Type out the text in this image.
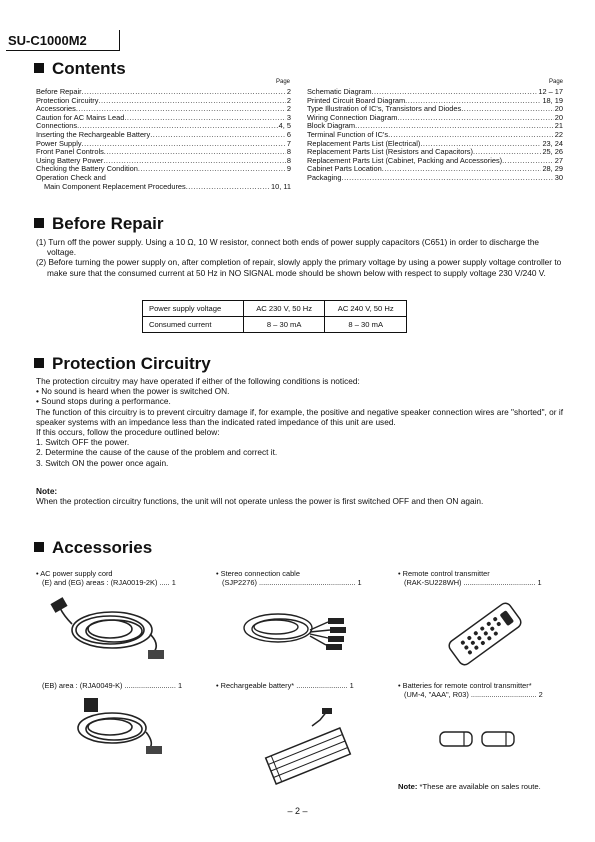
SU-C1000M2
Contents
Page	Page
Before Repair .....	2
Protection Circuitry .....	2
Accessories .....	2
Caution for AC Mains Lead .....	3
Connections .....	4, 5
Inserting the Rechargeable Battery .....	6
Power Supply .....	7
Front Panel Controls .....	8
Using Battery Power .....	8
Checking the Battery Condition .....	9
Operation Check and
Main Component Replacement Procedures .....	10, 11
Schematic Diagram .....	12 – 17
Printed Circuit Board Diagram .....	18, 19
Type Illustration of IC's, Transistors and Diodes .....	20
Wiring Connection Diagram .....	20
Block Diagram .....	21
Terminal Function of IC's .....	22
Replacement Parts List (Electrical) .....	23, 24
Replacement Parts List (Resistors and Capacitors) .....	25, 26
Replacement Parts List (Cabinet, Packing and Accessories) .....	27
Cabinet Parts Location .....	28, 29
Packaging .....	30
Before Repair

(1) Turn off the power supply. Using a 10 Ω, 10 W resistor, connect both ends of power supply capacitors (C651) in order to discharge the voltage.

(2) Before turning the power supply on, after completion of repair, slowly apply the primary voltage by using a power supply voltage controller to make sure that the consumed current at 50 Hz in NO SIGNAL mode should be shown below with respect to supply voltage 230 V/240 V.

Power supply voltage	AC 230 V, 50 Hz	AC 240 V, 50 Hz
Consumed current	8 – 30 mA	8 – 30 mA
Protection Circuitry

The protection circuitry may have operated if either of the following conditions is noticed:

• No sound is heard when the power is switched ON.

• Sound stops during a performance.

The function of this circuitry is to prevent circuitry damage if, for example, the positive and negative speaker connection wires are "shorted", or if speaker systems with an impedance less than the indicated rated impedance of this unit are used.

If this occurs, follow the procedure outlined below:

1. Switch OFF the power.

2. Determine the cause of the cause of the problem and correct it.

3. Switch ON the power once again.

Note:

When the protection circuitry functions, the unit will not operate unless the power is first switched OFF and then ON again.

Accessories
• AC power supply cord
(E) and (EG) areas : (RJA0019-2K) ..... 1
• Stereo connection cable
(SJP2276) ............................................... 1
• Remote control transmitter
(RAK-SU228WH) ................................... 1
(EB) area : (RJA0049-K) ......................... 1	• Rechargeable battery* ......................... 1	• Batteries for remote control transmitter*
(UM-4, "AAA", R03) ................................ 2
Note: *These are available on sales route.
– 2 –
